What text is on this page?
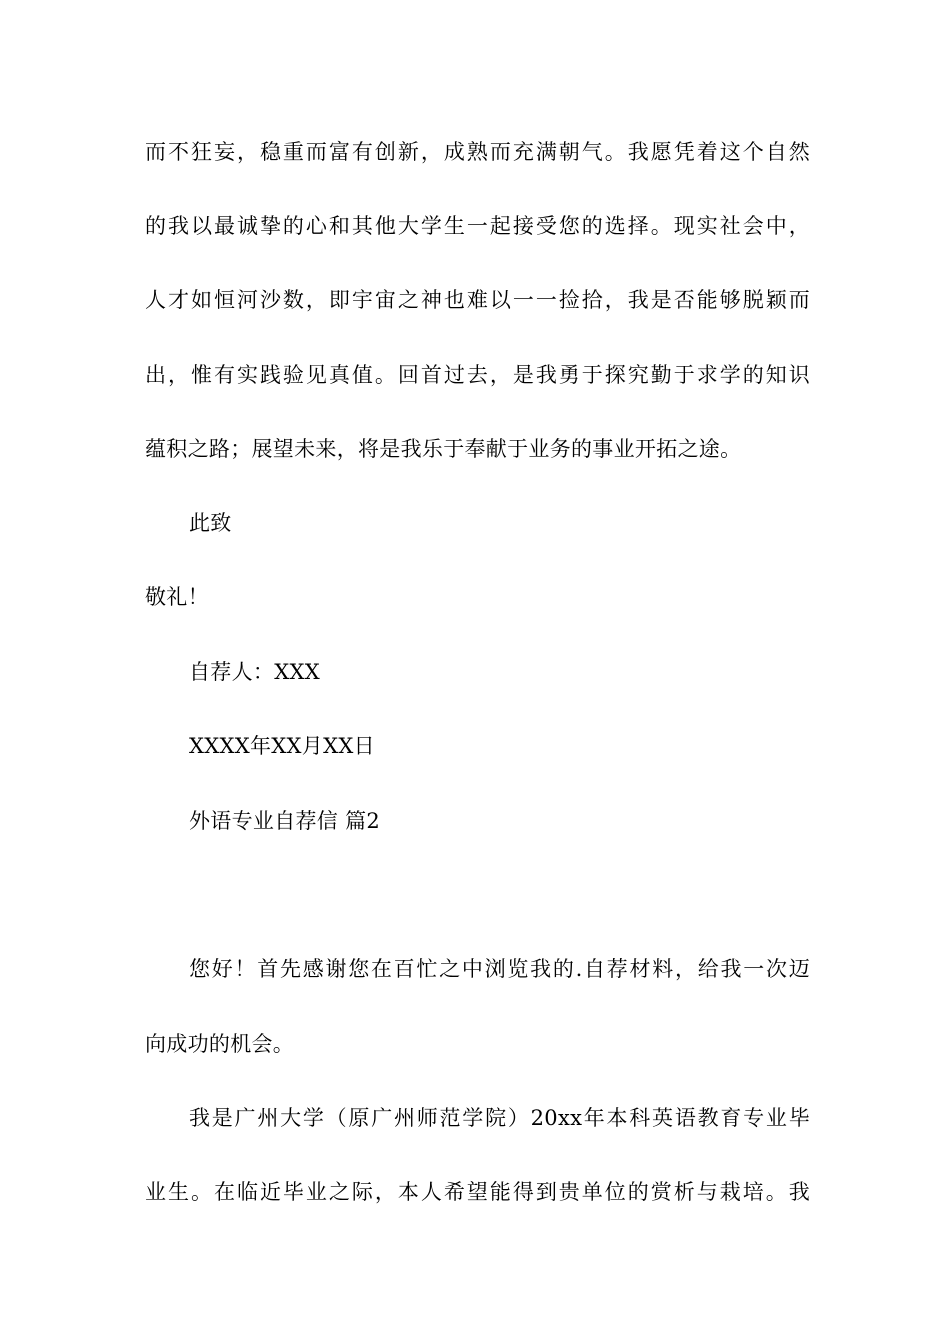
而不狂妄，稳重而富有创新，成熟而充满朝气。我愿凭着这个自然
的我以最诚挚的心和其他大学生一起接受您的选择。现实社会中，
人才如恒河沙数，即宇宙之神也难以一一捡拾，我是否能够脱颖而
出，惟有实践验见真值。回首过去，是我勇于探究勤于求学的知识
蕴积之路；展望未来，将是我乐于奉献于业务的事业开拓之途。
此致
敬礼！
自荐人：XXX
XXXX年XX月XX日
外语专业自荐信 篇2
您好！首先感谢您在百忙之中浏览我的.自荐材料，给我一次迈
向成功的机会。
我是广州大学（原广州师范学院）20xx年本科英语教育专业毕
业生。在临近毕业之际，本人希望能得到贵单位的赏析与栽培。我
